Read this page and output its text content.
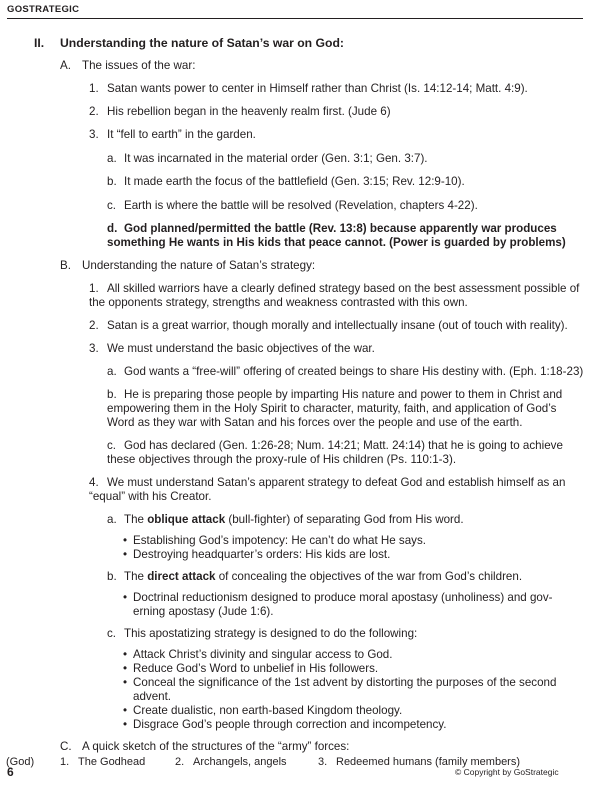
GOSTRATEGIC
II. Understanding the nature of Satan’s war on God:
A. The issues of the war:
1. Satan wants power to center in Himself rather than Christ (Is. 14:12-14; Matt. 4:9).
2. His rebellion began in the heavenly realm first. (Jude 6)
3. It “fell to earth” in the garden.
a. It was incarnated in the material order (Gen. 3:1; Gen. 3:7).
b. It made earth the focus of the battlefield (Gen. 3:15; Rev. 12:9-10).
c. Earth is where the battle will be resolved (Revelation, chapters 4-22).
d. God planned/permitted the battle (Rev. 13:8) because apparently war produces
something He wants in His kids that peace cannot. (Power is guarded by problems)
B. Understanding the nature of Satan’s strategy:
1. All skilled warriors have a clearly defined strategy based on the best assessment possible of
the opponents strategy, strengths and weakness contrasted with this own.
2. Satan is a great warrior, though morally and intellectually insane (out of touch with reality).
3. We must understand the basic objectives of the war.
a. God wants a “free-will” offering of created beings to share His destiny with. (Eph. 1:18-23)
b. He is preparing those people by imparting His nature and power to them in Christ and
empowering them in the Holy Spirit to character, maturity, faith, and application of God’s
Word as they war with Satan and his forces over the people and use of the earth.
c. God has declared (Gen. 1:26-28; Num. 14:21; Matt. 24:14) that he is going to achieve
these objectives through the proxy-rule of His children (Ps. 110:1-3).
4. We must understand Satan’s apparent strategy to defeat God and establish himself as an
“equal” with his Creator.
a. The oblique attack (bull-fighter) of separating God from His word.
• Establishing God’s impotency: He can’t do what He says.
• Destroying headquarter’s orders: His kids are lost.
b. The direct attack of concealing the objectives of the war from God’s children.
• Doctrinal reductionism designed to produce moral apostasy (unholiness) and gov-
erning apostasy (Jude 1:6).
c. This apostatizing strategy is designed to do the following:
• Attack Christ’s divinity and singular access to God.
• Reduce God’s Word to unbelief in His followers.
• Conceal the significance of the 1st advent by distorting the purposes of the second
advent.
• Create dualistic, non earth-based Kingdom theology.
• Disgrace God’s people through correction and incompetency.
C. A quick sketch of the structures of the “army” forces:
(God) 1. The Godhead	2. Archangels, angels	3. Redeemed humans (family members)
6	© Copyright by GoStrategic
